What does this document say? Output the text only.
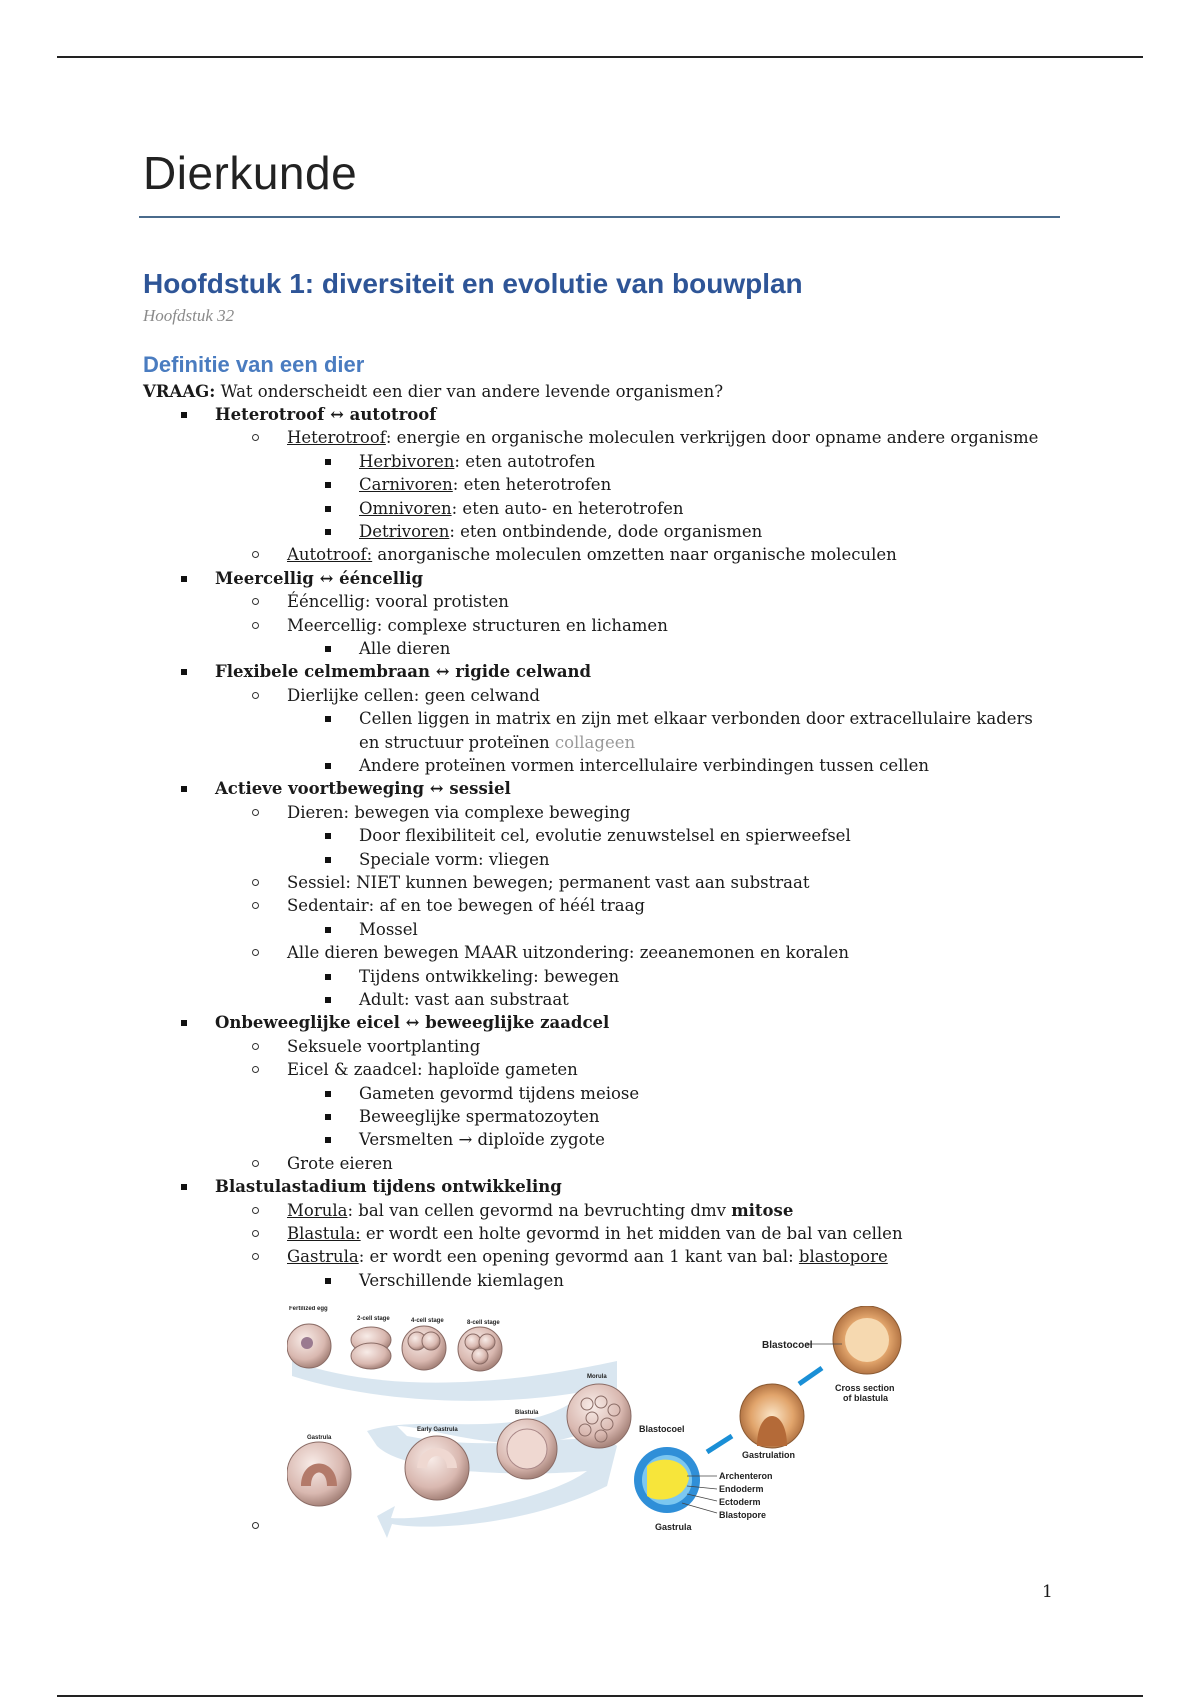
Dierkunde
Hoofdstuk 1: diversiteit en evolutie van bouwplan
Hoofdstuk 32
Definitie van een dier
VRAAG: Wat onderscheidt een dier van andere levende organismen?
Heterotroof ↔ autotroof
Heterotroof: energie en organische moleculen verkrijgen door opname andere organisme
Herbivoren: eten autotrofen
Carnivoren: eten heterotrofen
Omnivoren: eten auto- en heterotrofen
Detrivoren: eten ontbindende, dode organismen
Autotroof: anorganische moleculen omzetten naar organische moleculen
Meercellig ↔ ééncellig
Ééncellig: vooral protisten
Meercellig: complexe structuren en lichamen
Alle dieren
Flexibele celmembraan ↔ rigide celwand
Dierlijke cellen: geen celwand
Cellen liggen in matrix en zijn met elkaar verbonden door extracellulaire kaders
en structuur proteïnen collageen
Andere proteïnen vormen intercellulaire verbindingen tussen cellen
Actieve voortbeweging ↔ sessiel
Dieren: bewegen via complexe beweging
Door flexibiliteit cel, evolutie zenuwstelsel en spierweefsel
Speciale vorm: vliegen
Sessiel: NIET kunnen bewegen; permanent vast aan substraat
Sedentair: af en toe bewegen of héél traag
Mossel
Alle dieren bewegen MAAR uitzondering: zeeanemonen en koralen
Tijdens ontwikkeling: bewegen
Adult: vast aan substraat
Onbeweeglijke eicel ↔ beweeglijke zaadcel
Seksuele voortplanting
Eicel & zaadcel: haploïde gameten
Gameten gevormd tijdens meiose
Beweeglijke spermatozoyten
Versmelten → diploïde zygote
Grote eieren
Blastulastadium tijdens ontwikkeling
Morula: bal van cellen gevormd na bevruchting dmv mitose
Blastula: er wordt een holte gevormd in het midden van de bal van cellen
Gastrula: er wordt een opening gevormd aan 1 kant van bal: blastopore
Verschillende kiemlagen
Fertilized egg
2-cell stage	4-cell stage	8-cell stage
Morula
Blastula
Early Gastrula
Gastrula
Blastocoel
Cross section
of blastula
Gastrulation
Blastocoel
Archenteron
Endoderm
Ectoderm
Blastopore
Gastrula
1
